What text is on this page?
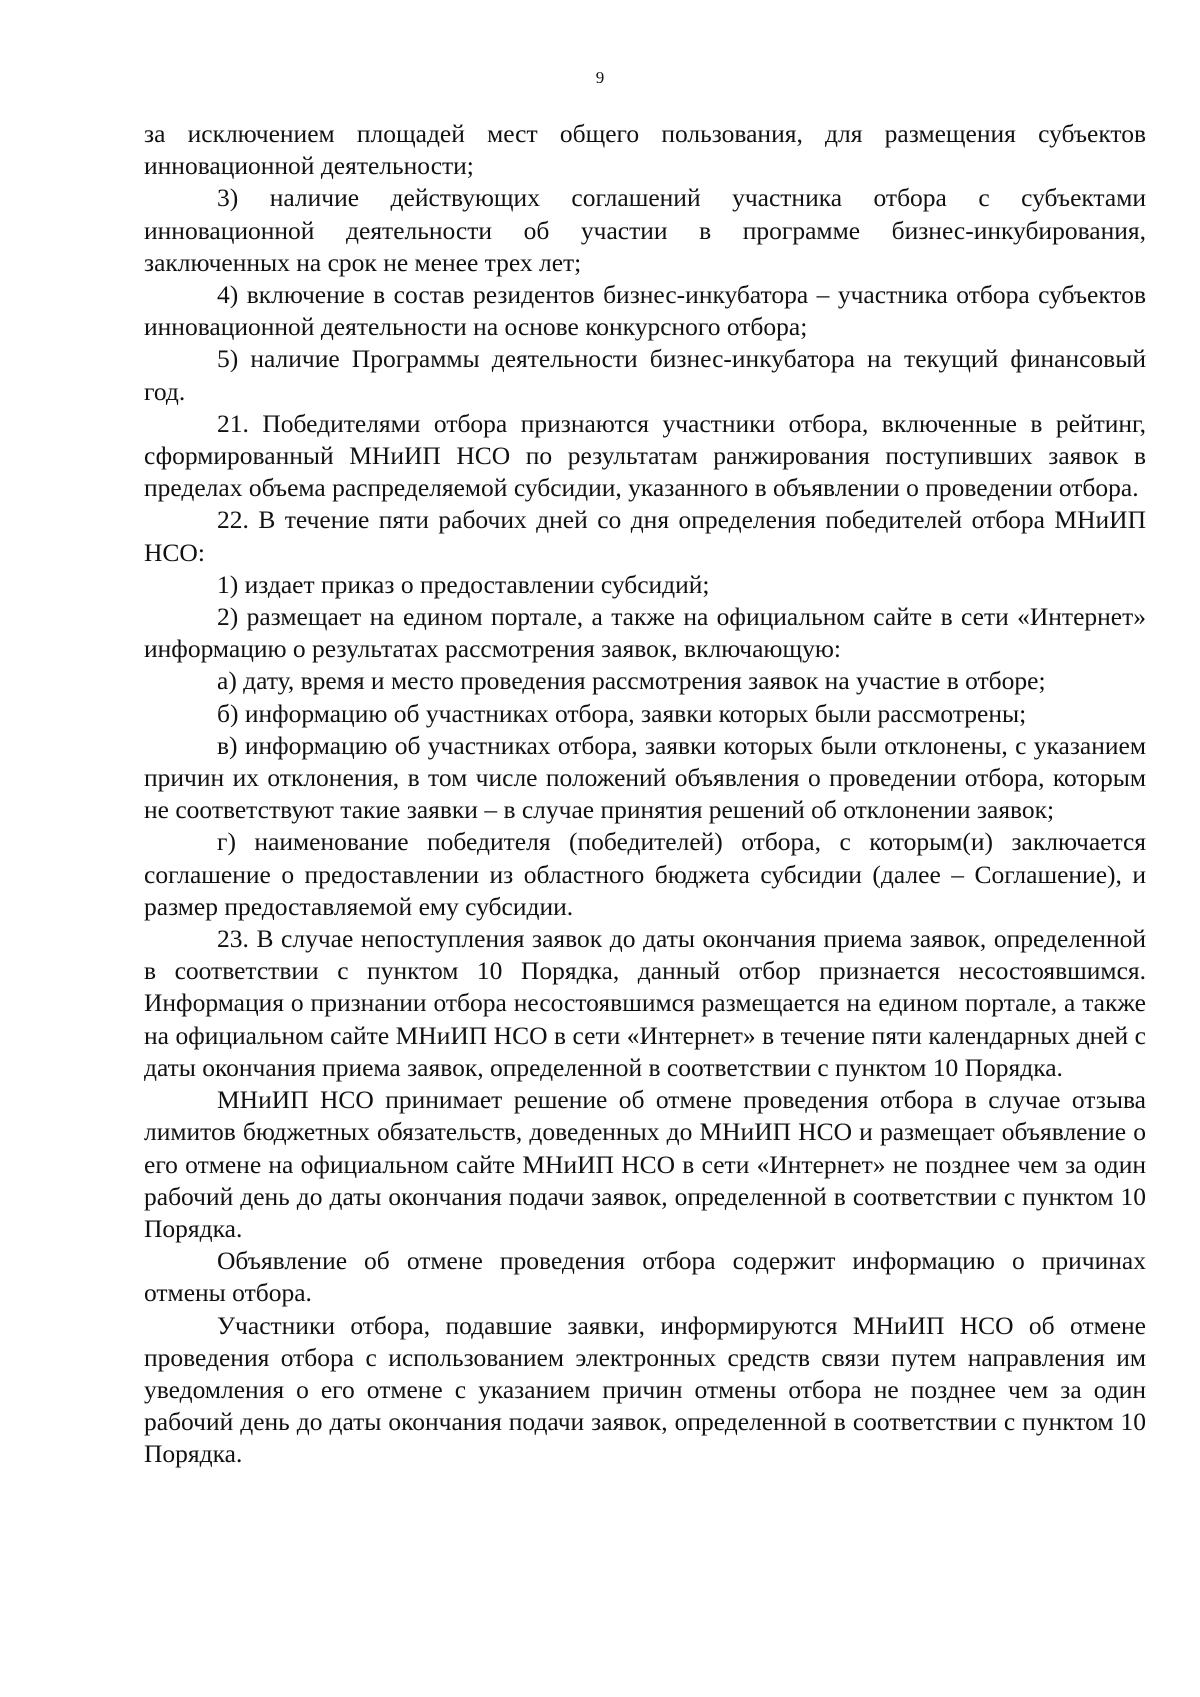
9

за исключением площадей мест общего пользования, для размещения субъектов инновационной деятельности;

3) наличие действующих соглашений участника отбора с субъектами инновационной деятельности об участии в программе бизнес-инкубирования, заключенных на срок не менее трех лет;

4) включение в состав резидентов бизнес-инкубатора – участника отбора субъектов инновационной деятельности на основе конкурсного отбора;

5) наличие Программы деятельности бизнес-инкубатора на текущий финансовый год.

21. Победителями отбора признаются участники отбора, включенные в рейтинг, сформированный МНиИП НСО по результатам ранжирования поступивших заявок в пределах объема распределяемой субсидии, указанного в объявлении о проведении отбора.

22. В течение пяти рабочих дней со дня определения победителей отбора МНиИП НСО:

1) издает приказ о предоставлении субсидий;

2) размещает на едином портале, а также на официальном сайте в сети «Интернет» информацию о результатах рассмотрения заявок, включающую:

а) дату, время и место проведения рассмотрения заявок на участие в отборе;

б) информацию об участниках отбора, заявки которых были рассмотрены;

в) информацию об участниках отбора, заявки которых были отклонены, с указанием причин их отклонения, в том числе положений объявления о проведении отбора, которым не соответствуют такие заявки – в случае принятия решений об отклонении заявок;

г) наименование победителя (победителей) отбора, с которым(и) заключается соглашение о предоставлении из областного бюджета субсидии (далее – Соглашение), и размер предоставляемой ему субсидии.

23. В случае непоступления заявок до даты окончания приема заявок, определенной в соответствии с пунктом 10 Порядка, данный отбор признается несостоявшимся. Информация о признании отбора несостоявшимся размещается на едином портале, а также на официальном сайте МНиИП НСО в сети «Интернет» в течение пяти календарных дней с даты окончания приема заявок, определенной в соответствии с пунктом 10 Порядка.

МНиИП НСО принимает решение об отмене проведения отбора в случае отзыва лимитов бюджетных обязательств, доведенных до МНиИП НСО и размещает объявление о его отмене на официальном сайте МНиИП НСО в сети «Интернет» не позднее чем за один рабочий день до даты окончания подачи заявок, определенной в соответствии с пунктом 10 Порядка.

Объявление об отмене проведения отбора содержит информацию о причинах отмены отбора.

Участники отбора, подавшие заявки, информируются МНиИП НСО об отмене проведения отбора с использованием электронных средств связи путем направления им уведомления о его отмене с указанием причин отмены отбора не позднее чем за один рабочий день до даты окончания подачи заявок, определенной в соответствии с пунктом 10 Порядка.
